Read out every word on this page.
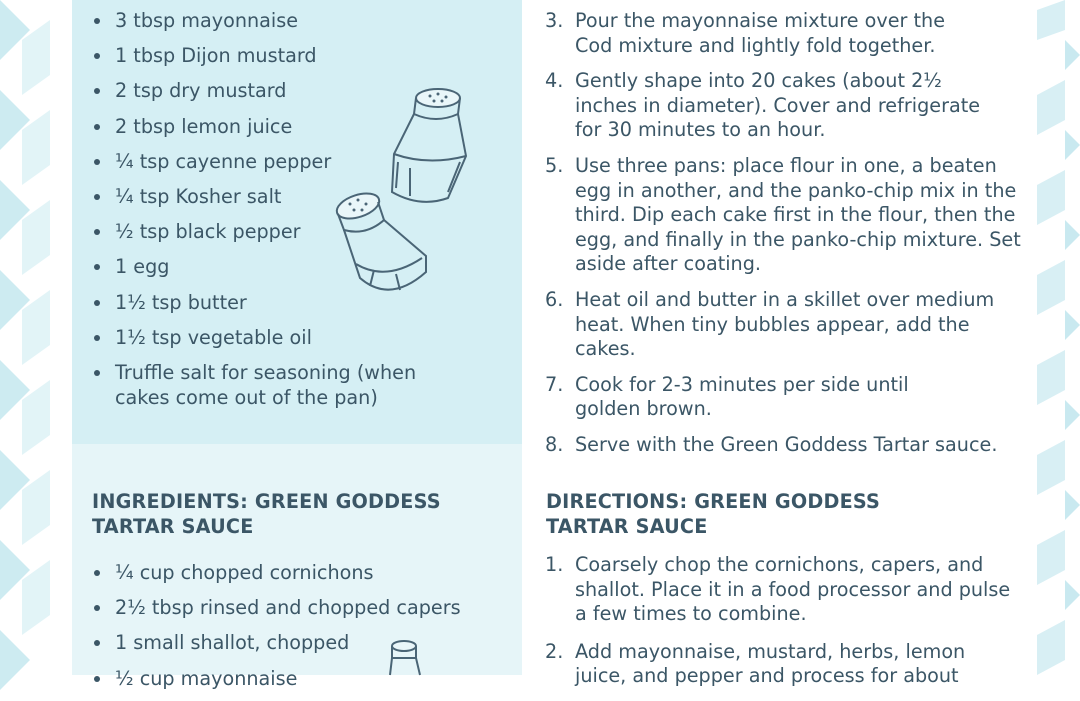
3 tbsp mayonnaise
1 tbsp Dijon mustard
2 tsp dry mustard
2 tbsp lemon juice
¼ tsp cayenne pepper
¼ tsp Kosher salt
½ tsp black pepper
1 egg
1½ tsp butter
1½ tsp vegetable oil
Truffle salt for seasoning (when cakes come out of the pan)
INGREDIENTS: GREEN GODDESS TARTAR SAUCE
¼ cup chopped cornichons
2½ tbsp rinsed and chopped capers
1 small shallot, chopped
½ cup mayonnaise
3. Pour the mayonnaise mixture over the Cod mixture and lightly fold together.
4. Gently shape into 20 cakes (about 2½ inches in diameter). Cover and refrigerate for 30 minutes to an hour.
5. Use three pans: place flour in one, a beaten egg in another, and the panko-chip mix in the third. Dip each cake first in the flour, then the egg, and finally in the panko-chip mixture. Set aside after coating.
6. Heat oil and butter in a skillet over medium heat. When tiny bubbles appear, add the cakes.
7. Cook for 2-3 minutes per side until golden brown.
8. Serve with the Green Goddess Tartar sauce.
DIRECTIONS: GREEN GODDESS TARTAR SAUCE
1. Coarsely chop the cornichons, capers, and shallot. Place it in a food processor and pulse a few times to combine.
2. Add mayonnaise, mustard, herbs, lemon juice, and pepper and process for about
